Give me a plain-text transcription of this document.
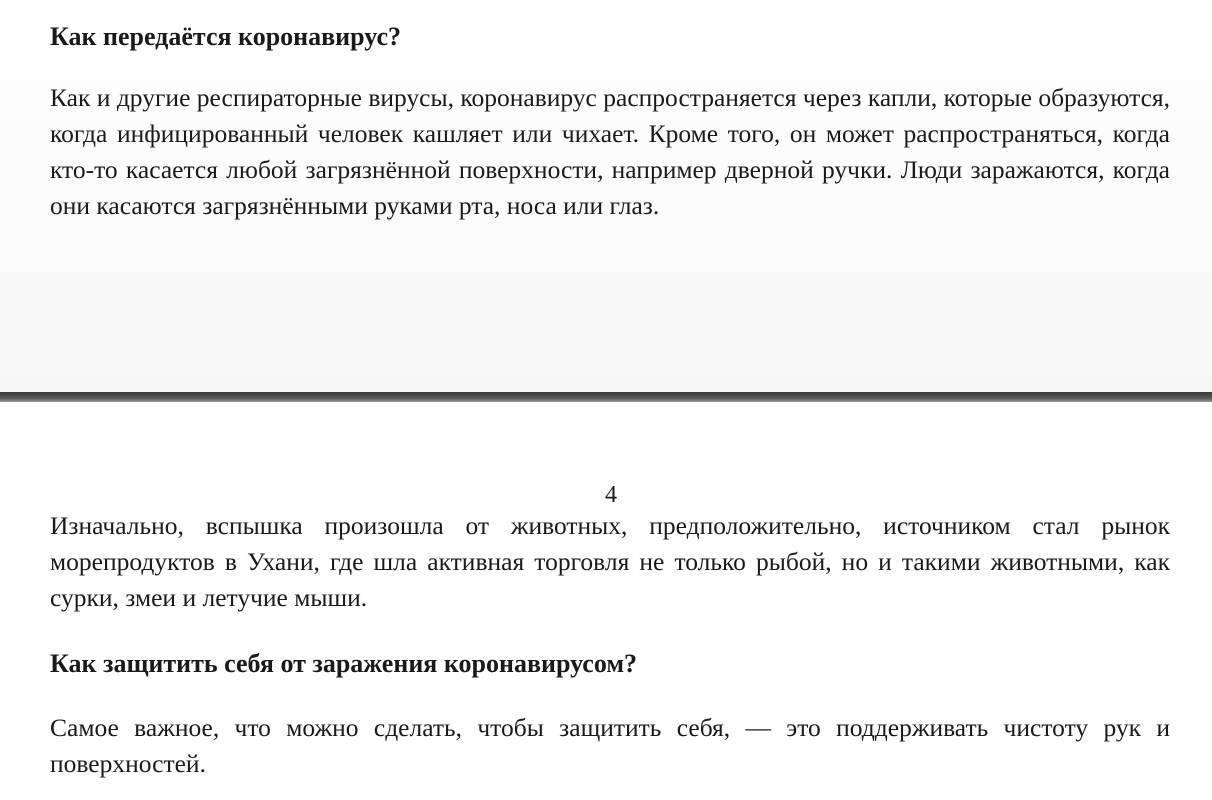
Как передаётся коронавирус?

Как и другие респираторные вирусы, коронавирус распространяется через капли, которые образуются, когда инфицированный человек кашляет или чихает. Кроме того, он может распространяться, когда кто-то касается любой загрязнённой поверхности, например дверной ручки. Люди заражаются, когда они касаются загрязнёнными руками рта, носа или глаз.

4

Изначально, вспышка произошла от животных, предположительно, источником стал рынок морепродуктов в Ухани, где шла активная торговля не только рыбой, но и такими животными, как сурки, змеи и летучие мыши.

Как защитить себя от заражения коронавирусом?

Самое важное, что можно сделать, чтобы защитить себя, — это поддерживать чистоту рук и поверхностей.
